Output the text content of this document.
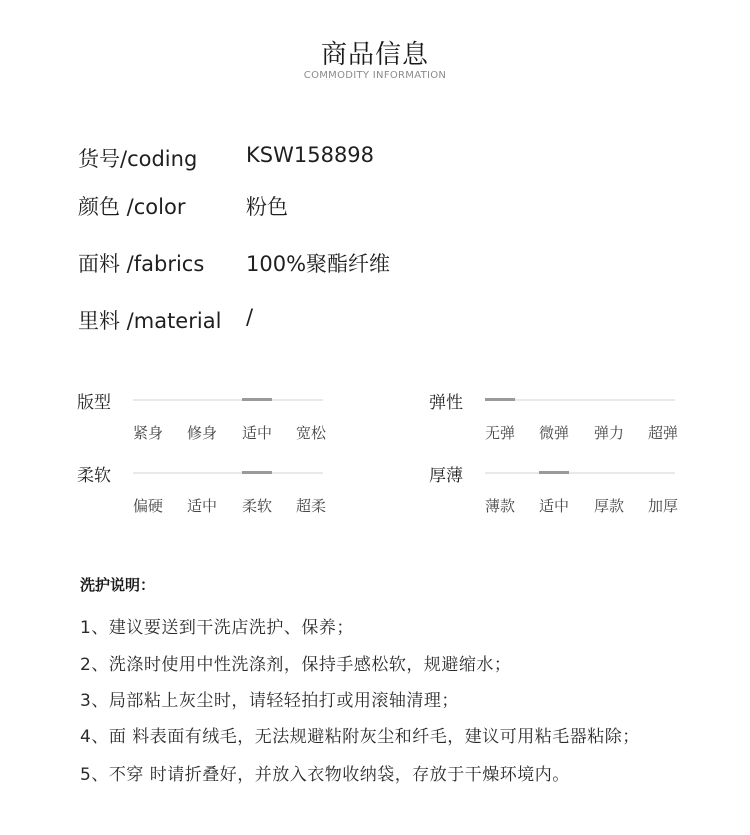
商品信息
COMMODITY INFORMATION
货号/coding KSW158898
颜色 /color	粉色
面料 /fabrics 100%聚酯纤维
里料 /material /
版型
紧身 修身 适中 宽松
弹性
无弹 微弹 弹力 超弹
柔软
偏硬 适中 柔软 超柔
厚薄
薄款 适中 厚款 加厚
洗护说明：
1、建议要送到干洗店洗护、保养；
2、洗涤时使用中性洗涤剂，保持手感松软，规避缩水；
3、局部粘上灰尘时，请轻轻拍打或用滚轴清理；
4、面 料表面有绒毛，无法规避粘附灰尘和纤毛，建议可用粘毛器粘除；
5、不穿 时请折叠好，并放入衣物收纳袋，存放于干燥环境内。
